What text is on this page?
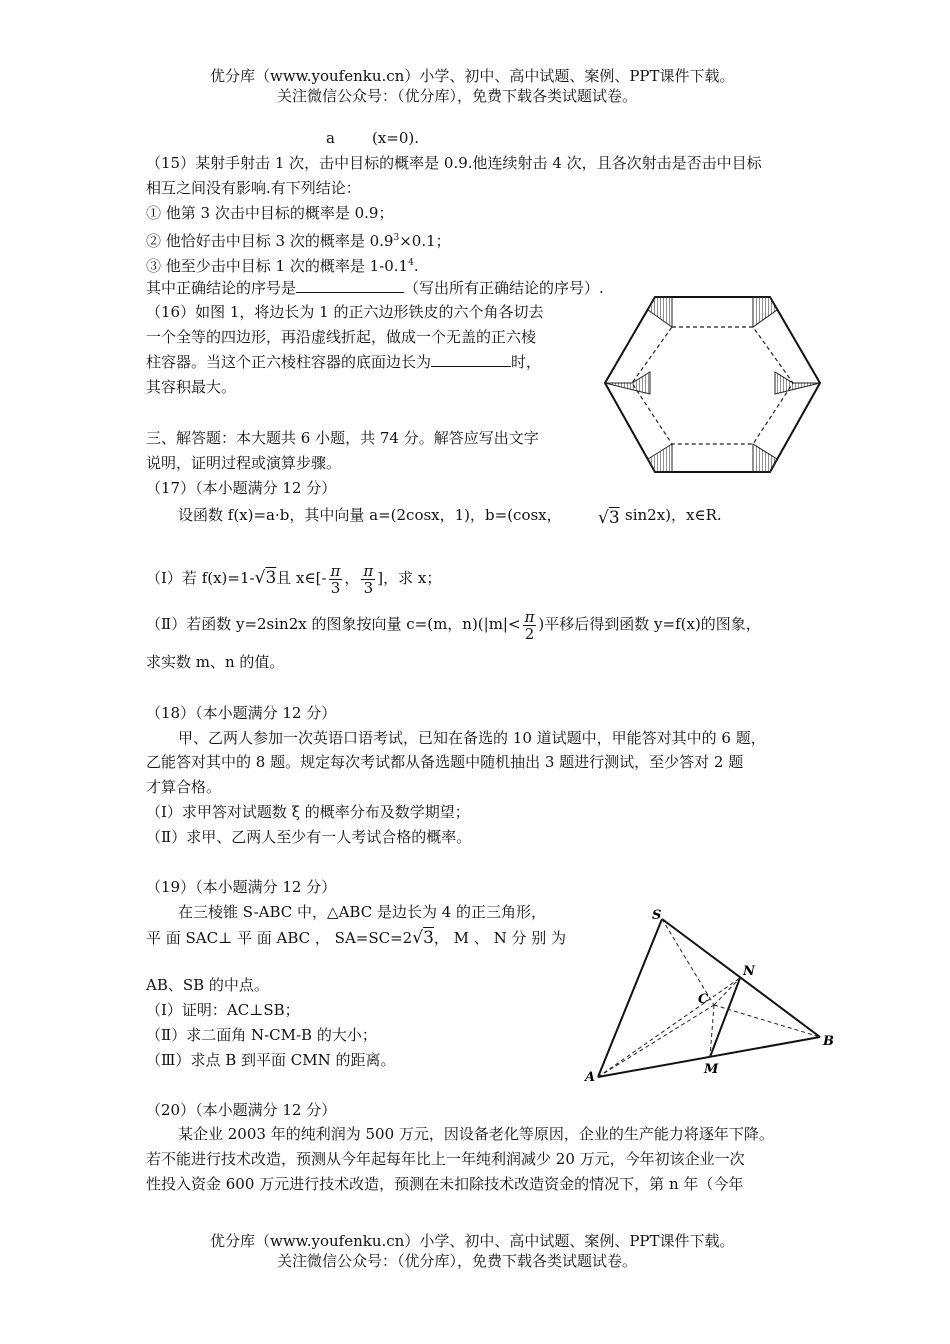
优分库（www.youfenku.cn）小学、初中、高中试题、案例、PPT课件下载。
关注微信公众号：（优分库），免费下载各类试题试卷。
a (x=0).
（15）某射手射击 1 次，击中目标的概率是 0.9.他连续射击 4 次，且各次射击是否击中目标
相互之间没有影响.有下列结论：
① 他第 3 次击中目标的概率是 0.9；
② 他恰好击中目标 3 次的概率是 $0.9^3\times 0.1$；
③ 他至少击中目标 1 次的概率是 $1-0.1^4$.
其中正确结论的序号是	（写出所有正确结论的序号）.
（16）如图 1，将边长为 1 的正六边形铁皮的六个角各切去
一个全等的四边形，再沿虚线折起，做成一个无盖的正六棱
柱容器。当这个正六棱柱容器的底面边长为	时，
其容积最大。
三、解答题：本大题共 6 小题，共 74 分。解答应写出文字
说明，证明过程或演算步骤。
（17）（本小题满分 12 分）
设函数 f(x)=a·b，其中向量 a=(2cosx，1)，b=(cosx， √3 sin2x)，x∈R.
（Ⅰ）若 f(x)=1-√3且 x∈[- $\frac{\pi}{3}$ ， $\frac{\pi}{3}$ ]，求 x；
（Ⅱ）若函数 y=2sin2x 的图象按向量 c=(m，$n)(|m|< \frac{\pi}{2}$ )平移后得到函数 y=f(x)的图象，
求实数 m、n 的值。
（18）（本小题满分 12 分）
甲、乙两人参加一次英语口语考试，已知在备选的 10 道试题中，甲能答对其中的 6 题，
乙能答对其中的 8 题。规定每次考试都从备选题中随机抽出 3 题进行测试，至少答对 2 题
才算合格。
（Ⅰ）求甲答对试题数 ξ 的概率分布及数学期望；
（Ⅱ）求甲、乙两人至少有一人考试合格的概率。
（19）（本小题满分 12 分）
在三棱锥 S-ABC 中，△ABC 是边长为 4 的正三角形，
平 面 SAC⊥ 平 面 ABC ， SA=SC=2√3， M 、 N 分 别 为
AB、SB 的中点。
（Ⅰ）证明：AC⊥SB；
（Ⅱ）求二面角 N-CM-B 的大小；
（Ⅲ）求点 B 到平面 CMN 的距离。
S
N
C
B
A
M
（20）（本小题满分 12 分）
某企业 2003 年的纯利润为 500 万元，因设备老化等原因，企业的生产能力将逐年下降。
若不能进行技术改造，预测从今年起每年比上一年纯利润减少 20 万元，今年初该企业一次
性投入资金 600 万元进行技术改造，预测在未扣除技术改造资金的情况下，第 n 年（今年
优分库（www.youfenku.cn）小学、初中、高中试题、案例、PPT课件下载。
关注微信公众号：（优分库），免费下载各类试题试卷。
